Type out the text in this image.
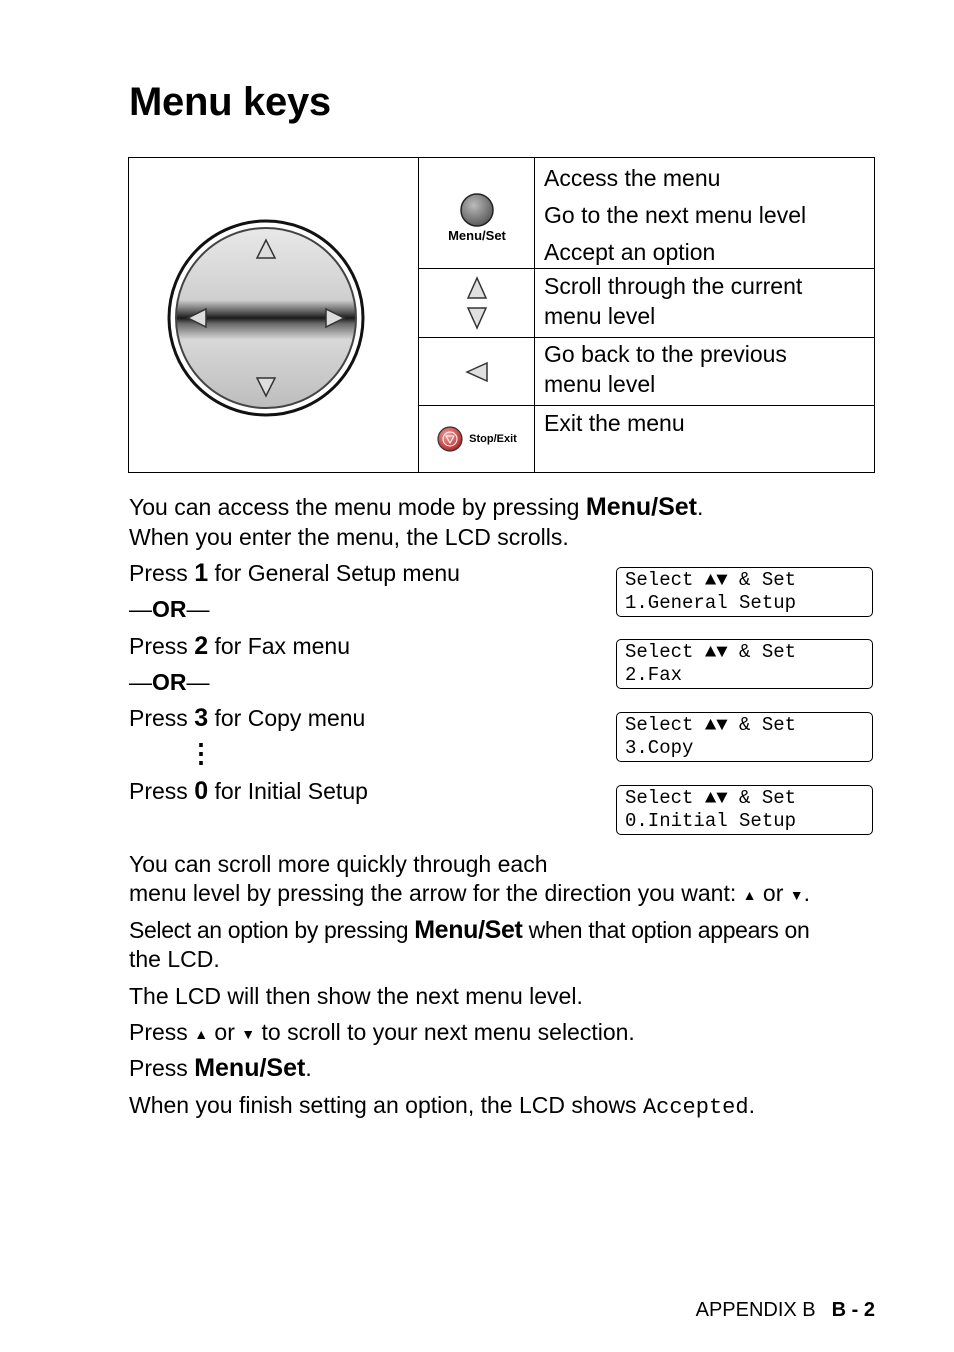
Menu keys
Menu/Set
Access the menu
Go to the next menu level
Accept an option
Scroll through the current
menu level
Go back to the previous
menu level
Stop/Exit
Exit the menu
You can access the menu mode by pressing Menu/Set.
When you enter the menu, the LCD scrolls.
Press 1 for General Setup menu
—OR—
Press 2 for Fax menu
—OR—
Press 3 for Copy menu
⋮
Press 0 for Initial Setup
Select ▲▼ & Set
1.General Setup
Select ▲▼ & Set
2.Fax
Select ▲▼ & Set
3.Copy
Select ▲▼ & Set
0.Initial Setup
You can scroll more quickly through each
menu level by pressing the arrow for the direction you want: ▲ or ▼.
Select an option by pressing Menu/Set when that option appears on
the LCD.
The LCD will then show the next menu level.
Press ▲ or ▼ to scroll to your next menu selection.
Press Menu/Set.
When you finish setting an option, the LCD shows Accepted.
APPENDIX B B - 2
